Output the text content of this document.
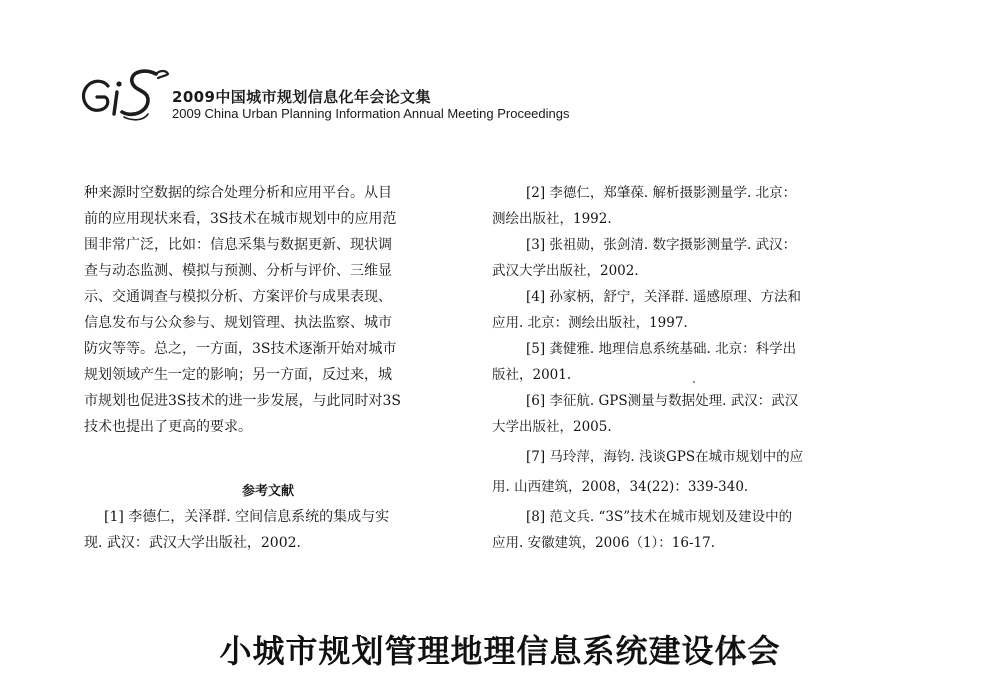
2009中国城市规划信息化年会论文集
2009 China Urban Planning Information Annual Meeting Proceedings
种来源时空数据的综合处理分析和应用平台。从目
前的应用现状来看，3S技术在城市规划中的应用范
围非常广泛，比如：信息采集与数据更新、现状调
查与动态监测、模拟与预测、分析与评价、三维显
示、交通调查与模拟分析、方案评价与成果表现、
信息发布与公众参与、规划管理、执法监察、城市
防灾等等。总之，一方面，3S技术逐渐开始对城市
规划领域产生一定的影响；另一方面，反过来，城
市规划也促进3S技术的进一步发展，与此同时对3S
技术也提出了更高的要求。
参考文献
[1] 李德仁，关泽群. 空间信息系统的集成与实
现. 武汉：武汉大学出版社，2002.
[2] 李德仁，郑肇葆. 解析摄影测量学. 北京：
测绘出版社，1992.
[3] 张祖勋，张剑清. 数字摄影测量学. 武汉：
武汉大学出版社，2002.
[4] 孙家柄，舒宁，关泽群. 遥感原理、方法和
应用. 北京：测绘出版社，1997.
[5] 龚健雅. 地理信息系统基础. 北京：科学出
版社，2001.
[6] 李征航. GPS测量与数据处理. 武汉：武汉
大学出版社，2005.
[7] 马玲萍，海钧. 浅谈GPS在城市规划中的应
用. 山西建筑，2008，34(22)：339-340.
[8] 范文兵. “3S”技术在城市规划及建设中的
应用. 安徽建筑，2006（1）：16-17.
小城市规划管理地理信息系统建设体会
